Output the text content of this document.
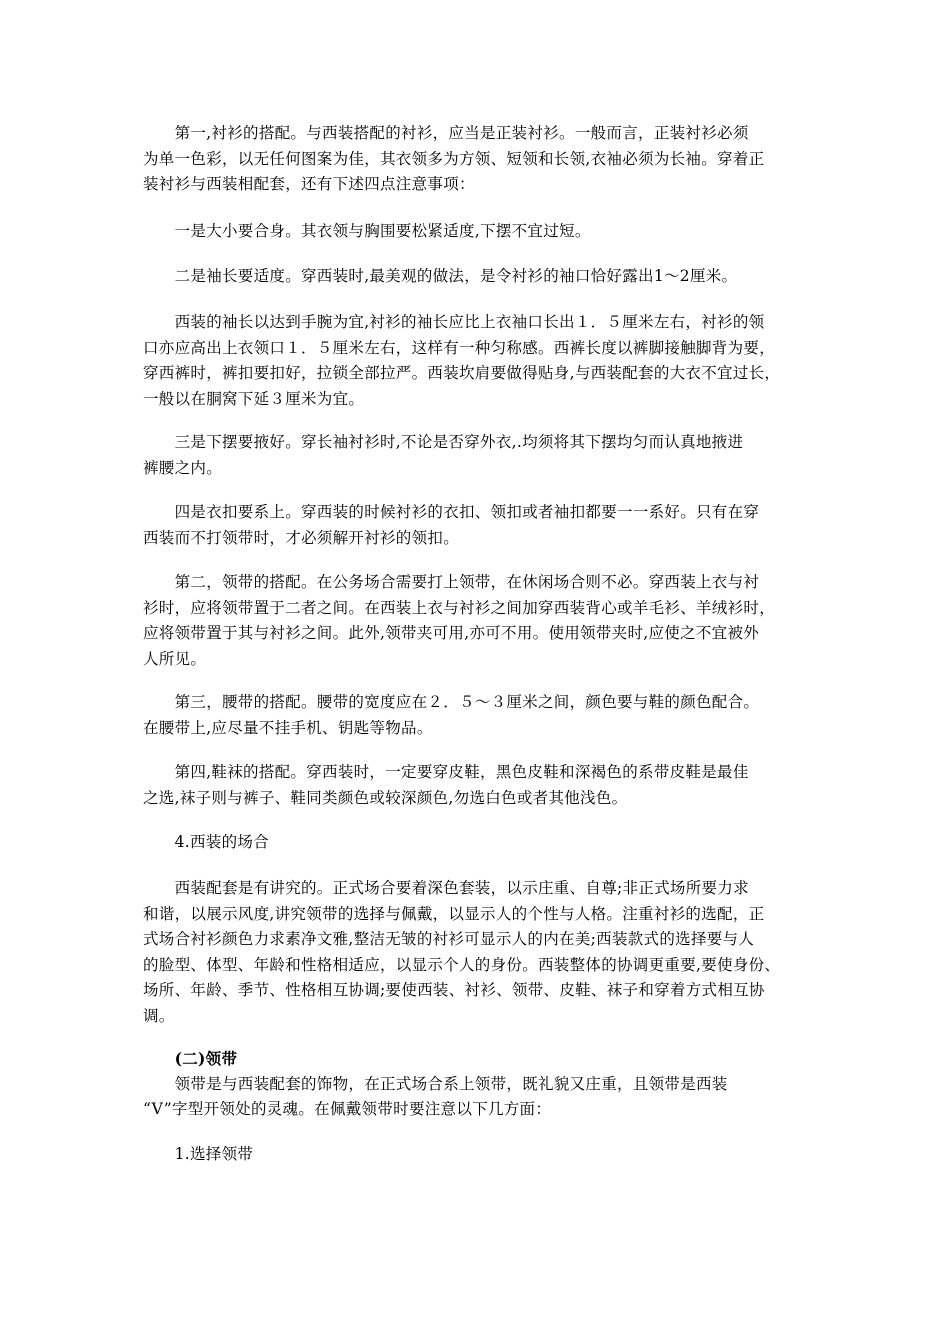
　　第一,衬衫的搭配。与西装搭配的衬衫，应当是正装衬衫。一般而言，正装衬衫必须
为单一色彩，以无任何图案为佳，其衣领多为方领、短领和长领,衣袖必须为长袖。穿着正
装衬衫与西装相配套，还有下述四点注意事项：
　　一是大小要合身。其衣领与胸围要松紧适度,下摆不宜过短。
　　二是袖长要适度。穿西装时,最美观的做法，是令衬衫的袖口恰好露出1～2厘米。
　　西装的袖长以达到手腕为宜,衬衫的袖长应比上衣袖口长出１．５厘米左右，衬衫的领
口亦应高出上衣领口１．５厘米左右，这样有一种匀称感。西裤长度以裤脚接触脚背为要，
穿西裤时，裤扣要扣好，拉锁全部拉严。西装坎肩要做得贴身,与西装配套的大衣不宜过长，
一般以在胴窝下延３厘米为宜。
　　三是下摆要掖好。穿长袖衬衫时,不论是否穿外衣,.均须将其下摆均匀而认真地掖进
裤腰之内。
　　四是衣扣要系上。穿西装的时候衬衫的衣扣、领扣或者袖扣都要一一系好。只有在穿
西装而不打领带时，才必须解开衬衫的领扣。
　　第二，领带的搭配。在公务场合需要打上领带，在休闲场合则不必。穿西装上衣与衬
衫时，应将领带置于二者之间。在西装上衣与衬衫之间加穿西装背心或羊毛衫、羊绒衫时，
应将领带置于其与衬衫之间。此外,领带夹可用,亦可不用。使用领带夹时,应使之不宜被外
人所见。
　　第三，腰带的搭配。腰带的宽度应在２．５～３厘米之间，颜色要与鞋的颜色配合。
在腰带上,应尽量不挂手机、钥匙等物品。
　　第四,鞋袜的搭配。穿西装时，一定要穿皮鞋，黑色皮鞋和深褐色的系带皮鞋是最佳
之选,袜子则与裤子、鞋同类颜色或较深颜色,勿选白色或者其他浅色。
　　4.西装的场合
　　西装配套是有讲究的。正式场合要着深色套装，以示庄重、自尊;非正式场所要力求
和谐，以展示风度,讲究领带的选择与佩戴，以显示人的个性与人格。注重衬衫的选配，正
式场合衬衫颜色力求素净文雅,整洁无皱的衬衫可显示人的内在美;西装款式的选择要与人
的脸型、体型、年龄和性格相适应，以显示个人的身份。西装整体的协调更重要,要使身份、
场所、年龄、季节、性格相互协调;要使西装、衬衫、领带、皮鞋、袜子和穿着方式相互协
调。
　　(二)领带
　　领带是与西装配套的饰物，在正式场合系上领带，既礼貌又庄重，且领带是西装
“V”字型开领处的灵魂。在佩戴领带时要注意以下几方面：
　　1.选择领带
